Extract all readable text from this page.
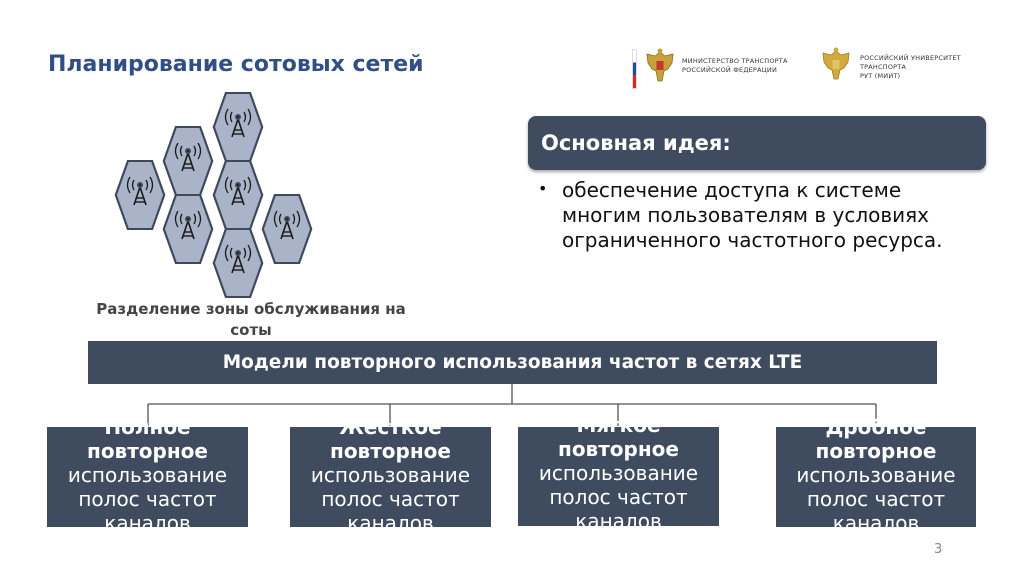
Планирование сотовых сетей	МИНИСТЕРСТВО ТРАНСПОРТА
РОССИЙСКОЙ ФЕДЕРАЦИИ
РОССИЙСКИЙ УНИВЕРСИТЕТ
ТРАНСПОРТА
РУТ (МИИТ)
Разделение зоны обслуживания на соты
Основная идея:
• обеспечение доступа к системе многим пользователям в условиях ограниченного частотного ресурса.
Модели повторного использования частот в сетях LTE
Полное
повторное
использование
полос частот
каналов
Жесткое
повторное
использование
полос частот
каналов
Мягкое
повторное
использование
полос частот
каналов
Дробное
повторное
использование
полос частот
каналов
3
